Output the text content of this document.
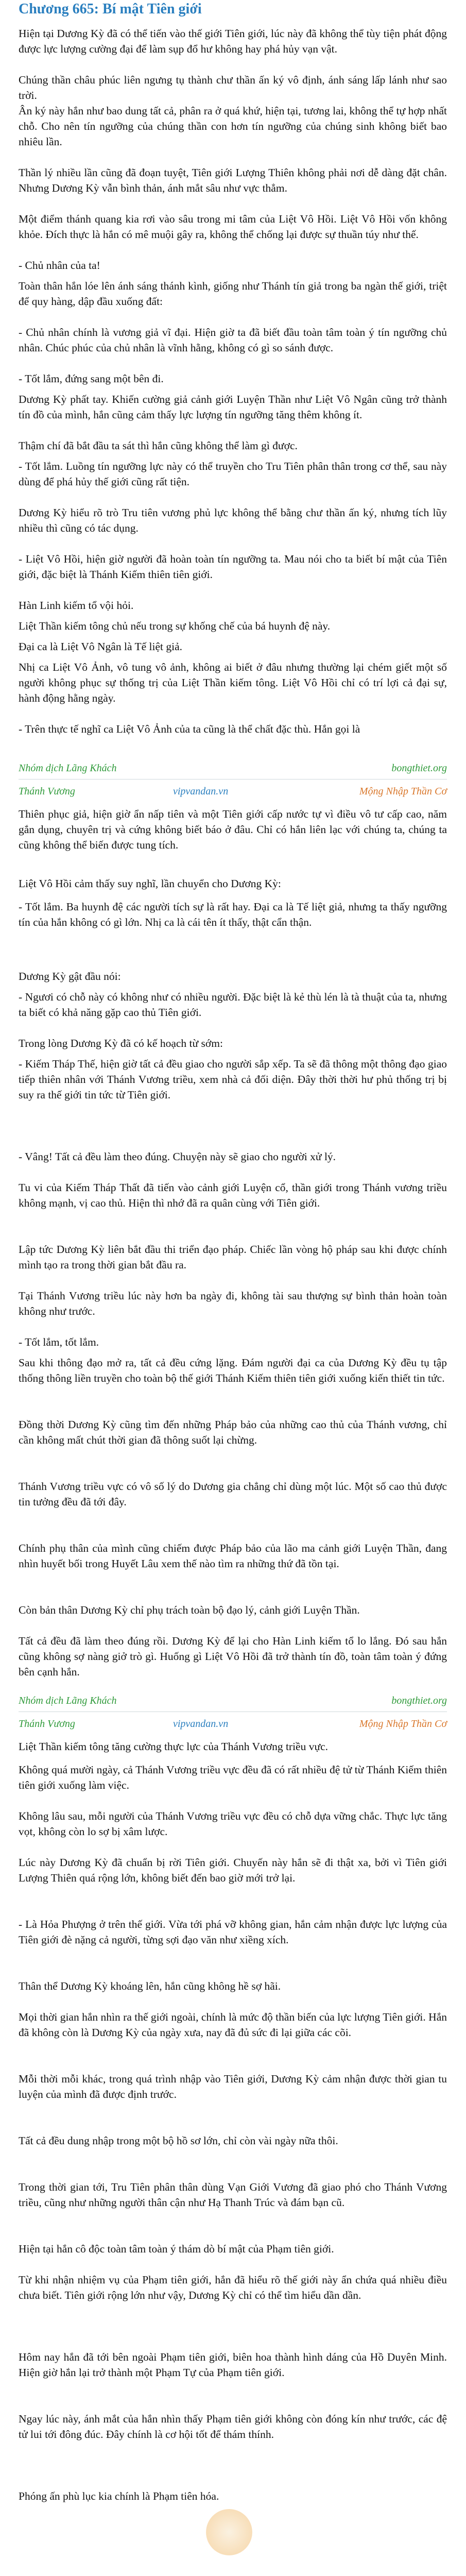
Chương 665: Bí mật Tiên giới
Hiện tại Dương Kỳ đã có thể tiến vào thế giới Tiên giới, lúc này đã không thể tùy tiện phát động được lực lượng cường đại để làm sụp đổ hư không hay phá hủy vạn vật.
Chúng thần châu phúc liên ngưng tụ thành chư thần ấn ký vô định, ánh sáng lấp lánh như sao trời.
Ân ký này hắn như bao dung tất cả, phân ra ở quá khứ, hiện tại, tương lai, không thể tự hợp nhất chỗ. Cho nên tín ngưỡng của chúng thần con hơn tín ngưỡng của chúng sinh không biết bao nhiêu lần.
Thần lý nhiều lần cũng đã đoạn tuyệt, Tiên giới Lượng Thiên không phải nơi dễ dàng đặt chân. Nhưng Dương Kỳ vẫn bình thản, ánh mắt sâu như vực thẳm.
Một điểm thánh quang kia rơi vào sâu trong mi tâm của Liệt Vô Hồi. Liệt Vô Hồi vốn không khỏe. Đích thực là hắn có mê muội gây ra, không thể chống lại được sự thuần túy như thế.
- Chủ nhân của ta!
Toàn thân hắn lóe lên ánh sáng thánh kình, giống như Thánh tín giả trong ba ngàn thế giới, triệt để quy hàng, dập đầu xuống đất:
- Chủ nhân chính là vương giả vĩ đại. Hiện giờ ta đã biết đầu toàn tâm toàn ý tín ngưỡng chủ nhân. Chúc phúc của chủ nhân là vĩnh hằng, không có gì so sánh được.
- Tốt lắm, đứng sang một bên đi.
Dương Kỳ phất tay. Khiến cường giả cảnh giới Luyện Thần như Liệt Vô Ngân cũng trở thành tín đồ của mình, hắn cũng cảm thấy lực lượng tín ngưỡng tăng thêm không ít.
Thậm chí đã bắt đầu ta sát thì hắn cũng không thể làm gì được.
- Tốt lắm. Luồng tín ngưỡng lực này có thể truyền cho Tru Tiên phân thân trong cơ thể, sau này dùng để phá hủy thế giới cũng rất tiện.
Dương Kỳ hiểu rõ trò Tru tiên vương phủ lực không thể bằng chư thần ấn ký, nhưng tích lũy nhiều thì cũng có tác dụng.
- Liệt Vô Hồi, hiện giờ người đã hoàn toàn tín ngưỡng ta. Mau nói cho ta biết bí mật của Tiên giới, đặc biệt là Thánh Kiếm thiên tiên giới.
Hàn Linh kiếm tổ vội hỏi.
Liệt Thần kiếm tông chủ nếu trong sự khống chế của bá huynh đệ này.
Đại ca là Liệt Vô Ngân là Tế liệt giả.
Nhị ca Liệt Vô Ảnh, vô tung vô ảnh, không ai biết ở đâu nhưng thường lại chém giết một số người không phục sự thống trị của Liệt Thần kiếm tông. Liệt Vô Hồi chỉ có trí lợi cả đại sự, hành động hằng ngày.
- Trên thực tế nghĩ ca Liệt Vô Ảnh của ta cũng là thể chất đặc thù. Hắn gọi là
Nhóm dịch Lãng Khách	bongthiet.org
Thánh Vương	vipvandan.vn	Mộng Nhập Thần Cơ
Thiên phục giả, hiện giờ ẩn nấp tiên và một Tiên giới cấp nước tự vì điều vô tư cấp cao, năm gắn dụng, chuyên trị và cứng không biết báo ở đâu. Chỉ có hắn liên lạc với chúng ta, chúng ta cũng không thể biến được tung tích.
Liệt Vô Hồi cảm thấy suy nghĩ, lần chuyển cho Dương Kỳ:
- Tốt lắm. Ba huynh đệ các người tích sự là rất hay. Đại ca là Tế liệt giả, nhưng ta thấy ngưỡng tín của hắn không có gì lớn. Nhị ca là cái tên ít thấy, thật cẩn thận.
Dương Kỳ gật đầu nói:
- Ngươi có chỗ này có không như có nhiều người. Đặc biệt là kẻ thù lén là tà thuật của ta, nhưng ta biết có khả năng gặp cao thủ Tiên giới.
Trong lòng Dương Kỳ đã có kế hoạch từ sớm:
- Kiếm Tháp Thế, hiện giờ tất cả đều giao cho người sắp xếp. Ta sẽ đã thông một thông đạo giao tiếp thiên nhân với Thánh Vương triều, xem nhà cả đối diện. Đây thời thời hư phủ thống trị bị suy ra thế giới tin tức từ Tiên giới.
- Vâng! Tất cả đều làm theo đúng. Chuyện này sẽ giao cho người xử lý.
Tu vi của Kiếm Tháp Thất đã tiến vào cảnh giới Luyện cổ, thần giới trong Thánh vương triều không mạnh, vị cao thủ. Hiện thì nhớ đã ra quân cùng với Tiên giới.
Lập tức Dương Kỳ liên bắt đầu thi triển đạo pháp. Chiếc lần vòng hộ pháp sau khi được chính mình tạo ra trong thời gian bắt đầu ra.
Tại Thánh Vương triều lúc này hơn ba ngày đi, không tài sau thượng sự bình thản hoàn toàn không như trước.
- Tốt lắm, tốt lắm.
Sau khi thông đạo mở ra, tất cả đều cứng lặng. Đám người đại ca của Dương Kỳ đều tụ tập thống thông liền truyền cho toàn bộ thế giới Thánh Kiếm thiên tiên giới xuống kiến thiết tin tức.
Đồng thời Dương Kỳ cũng tìm đến những Pháp bảo của những cao thủ của Thánh vương, chỉ cần không mất chút thời gian đã thông suốt lại chừng.
Thánh Vương triều vực có vô số lý do Dương gia chẳng chỉ dùng một lúc. Một số cao thủ được tin tưởng đều đã tới đây.
Chính phụ thân của mình cũng chiếm được Pháp bảo của lão ma cảnh giới Luyện Thần, đang nhìn huyết bối trong Huyết Lâu xem thế nào tìm ra những thứ đã tồn tại.
Còn bản thân Dương Kỳ chỉ phụ trách toàn bộ đạo lý, cảnh giới Luyện Thần.
Tất cả đều đã làm theo đúng rồi. Dương Kỳ để lại cho Hàn Linh kiếm tổ lo lắng. Đó sau hắn cũng không sợ nàng giở trò gì. Huống gì Liệt Vô Hồi đã trở thành tín đồ, toàn tâm toàn ý đứng bên cạnh hắn.
Nhóm dịch Lãng Khách	bongthiet.org
Thánh Vương	vipvandan.vn	Mộng Nhập Thần Cơ
Liệt Thần kiếm tông tăng cường thực lực của Thánh Vương triều vực.
Không quá mười ngày, cả Thánh Vương triều vực đều đã có rất nhiều đệ tử từ Thánh Kiếm thiên tiên giới xuống làm việc.
Không lâu sau, mỗi người của Thánh Vương triều vực đều có chỗ dựa vững chắc. Thực lực tăng vọt, không còn lo sợ bị xâm lược.
Lúc này Dương Kỳ đã chuẩn bị rời Tiên giới. Chuyến này hắn sẽ đi thật xa, bởi vì Tiên giới Lượng Thiên quá rộng lớn, không biết đến bao giờ mới trở lại.
- Là Hỏa Phượng ở trên thế giới. Vừa tới phá vỡ không gian, hắn cảm nhận được lực lượng của Tiên giới đè nặng cả người, từng sợi đạo văn như xiềng xích.
Thân thể Dương Kỳ khoáng lên, hắn cũng không hề sợ hãi.
Mọi thời gian hắn nhìn ra thế giới ngoài, chính là mức độ thần biến của lực lượng Tiên giới. Hắn đã không còn là Dương Kỳ của ngày xưa, nay đã đủ sức đi lại giữa các cõi.
Mỗi thời mỗi khác, trong quá trình nhập vào Tiên giới, Dương Kỳ cảm nhận được thời gian tu luyện của mình đã được định trước.
Tất cả đều dung nhập trong một bộ hồ sơ lớn, chỉ còn vài ngày nữa thôi.
Trong thời gian tới, Tru Tiên phân thân dùng Vạn Giới Vương đã giao phó cho Thánh Vương triều, cũng như những người thân cận như Hạ Thanh Trúc và đám bạn cũ.
Hiện tại hắn cô độc toàn tâm toàn ý thám dò bí mật của Phạm tiên giới.
Từ khi nhận nhiệm vụ của Phạm tiên giới, hắn đã hiểu rõ thế giới này ẩn chứa quá nhiều điều chưa biết. Tiên giới rộng lớn như vậy, Dương Kỳ chỉ có thể tìm hiểu dần dần.
Hôm nay hắn đã tới bên ngoài Phạm tiên giới, biên hoa thành hình dáng của Hồ Duyên Minh. Hiện giờ hắn lại trở thành một Phạm Tự của Phạm tiên giới.
Ngay lúc này, ánh mắt của hắn nhìn thấy Phạm tiên giới không còn đóng kín như trước, các đệ tử lui tới đông đúc. Đây chính là cơ hội tốt để thám thính.
Phóng ấn phù lục kia chính là Phạm tiên hóa.
